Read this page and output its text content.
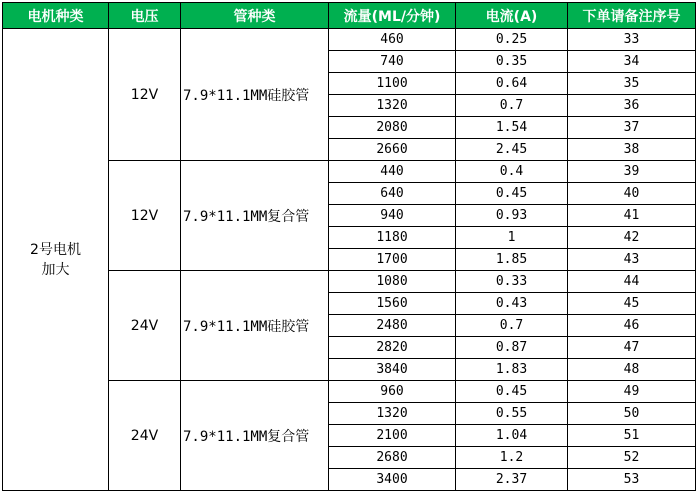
电机种类	电压	管种类	流量(ML/分钟)	电流(A)	下单请备注序号

2号电机
加大	12V	7.9*11.1MM硅胶管	460	0.25	33
			740	0.35	34
			1100	0.64	35
			1320	0.7	36
			2080	1.54	37
			2660	2.45	38
	12V	7.9*11.1MM复合管	440	0.4	39
			640	0.45	40
			940	0.93	41
			1180	1	42
			1700	1.85	43
	24V	7.9*11.1MM硅胶管	1080	0.33	44
			1560	0.43	45
			2480	0.7	46
			2820	0.87	47
			3840	1.83	48
	24V	7.9*11.1MM复合管	960	0.45	49
			1320	0.55	50
			2100	1.04	51
			2680	1.2	52
			3400	2.37	53
